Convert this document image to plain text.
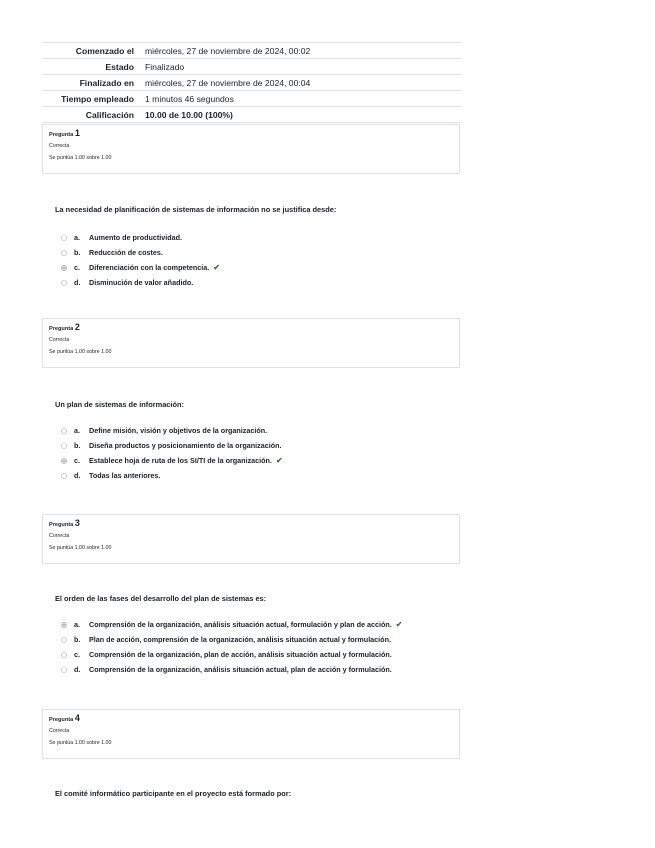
Comenzado el	miércoles, 27 de noviembre de 2024, 00:02
Estado	Finalizado
Finalizado en	miércoles, 27 de noviembre de 2024, 00:04
Tiempo empleado	1 minutos 46 segundos
Calificación	10.00 de 10.00 (100%)
Pregunta 1
Correcta
Se puntúa 1.00 sobre 1.00
La necesidad de planificación de sistemas de información no se justifica desde:
a.	Aumento de productividad.
b.	Reducción de costes.
c.	Diferenciación con la competencia. ✔
d.	Disminución de valor añadido.
Pregunta 2
Correcta
Se puntúa 1.00 sobre 1.00
Un plan de sistemas de información:
a.	Define misión, visión y objetivos de la organización.
b.	Diseña productos y posicionamiento de la organización.
c.	Establece hoja de ruta de los SI/TI de la organización. ✔
d.	Todas las anteriores.
Pregunta 3
Correcta
Se puntúa 1.00 sobre 1.00
El orden de las fases del desarrollo del plan de sistemas es:
a.	Comprensión de la organización, análisis situación actual, formulación y plan de acción. ✔
b.	Plan de acción, comprensión de la organización, análisis situación actual y formulación.
c.	Comprensión de la organización, plan de acción, análisis situación actual y formulación.
d.	Comprensión de la organización, análisis situación actual, plan de acción y formulación.
Pregunta 4
Correcta
Se puntúa 1.00 sobre 1.00
El comité informático participante en el proyecto está formado por:
